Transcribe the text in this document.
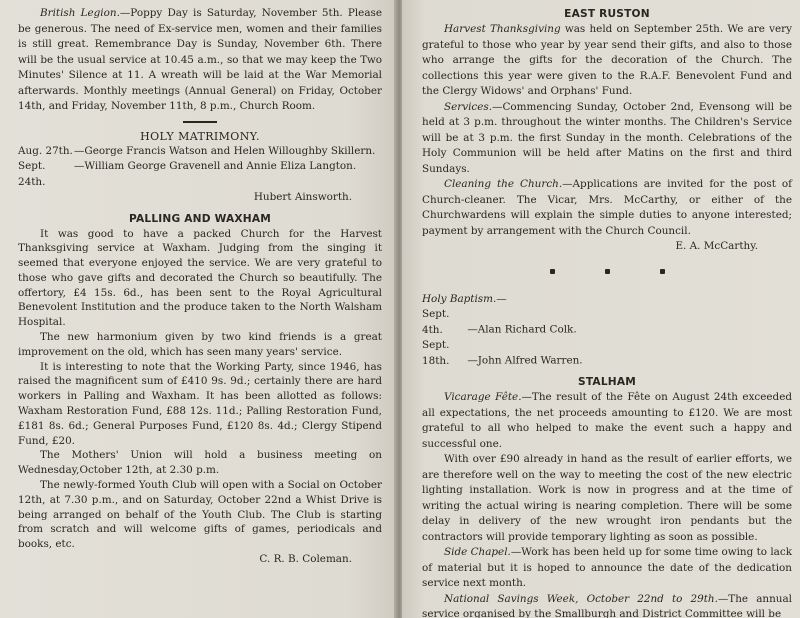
British Legion.—Poppy Day is Saturday, November 5th. Please be generous. The need of Ex-service men, women and their families is still great. Remembrance Day is Sunday, November 6th. There will be the usual service at 10.45 a.m., so that we may keep the Two Minutes' Silence at 11. A wreath will be laid at the War Memorial afterwards. Monthly meetings (Annual General) on Friday, October 14th, and Friday, November 11th, 8 p.m., Church Room.

HOLY MATRIMONY.
Aug. 27th. —George Francis Watson and Helen Willoughby Skillern.
Sept. 24th.
—William George Gravenell and Annie Eliza Langton.
Hubert Ainsworth.
PALLING AND WAXHAM

It was good to have a packed Church for the Harvest Thanksgiving service at Waxham. Judging from the singing it seemed that everyone enjoyed the service. We are very grateful to those who gave gifts and decorated the Church so beautifully. The offertory, £4 15s. 6d., has been sent to the Royal Agricultural Benevolent Institution and the produce taken to the North Walsham Hospital.

The new harmonium given by two kind friends is a great improvement on the old, which has seen many years' service.

It is interesting to note that the Working Party, since 1946, has raised the magnificent sum of £410 9s. 9d.; certainly there are hard workers in Palling and Waxham. It has been allotted as follows: Waxham Restoration Fund, £88 12s. 11d.; Palling Restoration Fund, £181 8s. 6d.; General Purposes Fund, £120 8s. 4d.; Clergy Stipend Fund, £20.

The Mothers' Union will hold a business meeting on Wednesday,October 12th, at 2.30 p.m.

The newly-formed Youth Club will open with a Social on October 12th, at 7.30 p.m., and on Saturday, October 22nd a Whist Drive is being arranged on behalf of the Youth Club. The Club is starting from scratch and will welcome gifts of games, periodicals and books, etc.

C. R. B. Coleman.
EAST RUSTON

Harvest Thanksgiving was held on September 25th. We are very grateful to those who year by year send their gifts, and also to those who arrange the gifts for the decoration of the Church. The collections this year were given to the R.A.F. Benevolent Fund and the Clergy Widows' and Orphans' Fund.

Services.—Commencing Sunday, October 2nd, Evensong will be held at 3 p.m. throughout the winter months. The Children's Service will be at 3 p.m. the first Sunday in the month. Celebrations of the Holy Communion will be held after Matins on the first and third Sundays.

Cleaning the Church.—Applications are invited for the post of Church-cleaner. The Vicar, Mrs. McCarthy, or either of the Churchwardens will explain the simple duties to anyone interested; payment by arrangement with the Church Council.

E. A. McCarthy.
Holy Baptism.—
Sept. 4th. —Alan Richard Colk.
Sept. 18th. —John Alfred Warren.
STALHAM

Vicarage Fête.—The result of the Fête on August 24th exceeded all expectations, the net proceeds amounting to £120. We are most grateful to all who helped to make the event such a happy and successful one.

With over £90 already in hand as the result of earlier efforts, we are therefore well on the way to meeting the cost of the new electric lighting installation. Work is now in progress and at the time of writing the actual wiring is nearing completion. There will be some delay in delivery of the new wrought iron pendants but the contractors will provide temporary lighting as soon as possible.

Side Chapel.—Work has been held up for some time owing to lack of material but it is hoped to announce the date of the dedication service next month.

National Savings Week, October 22nd to 29th.—The annual service organised by the Smallburgh and District Committee will be
